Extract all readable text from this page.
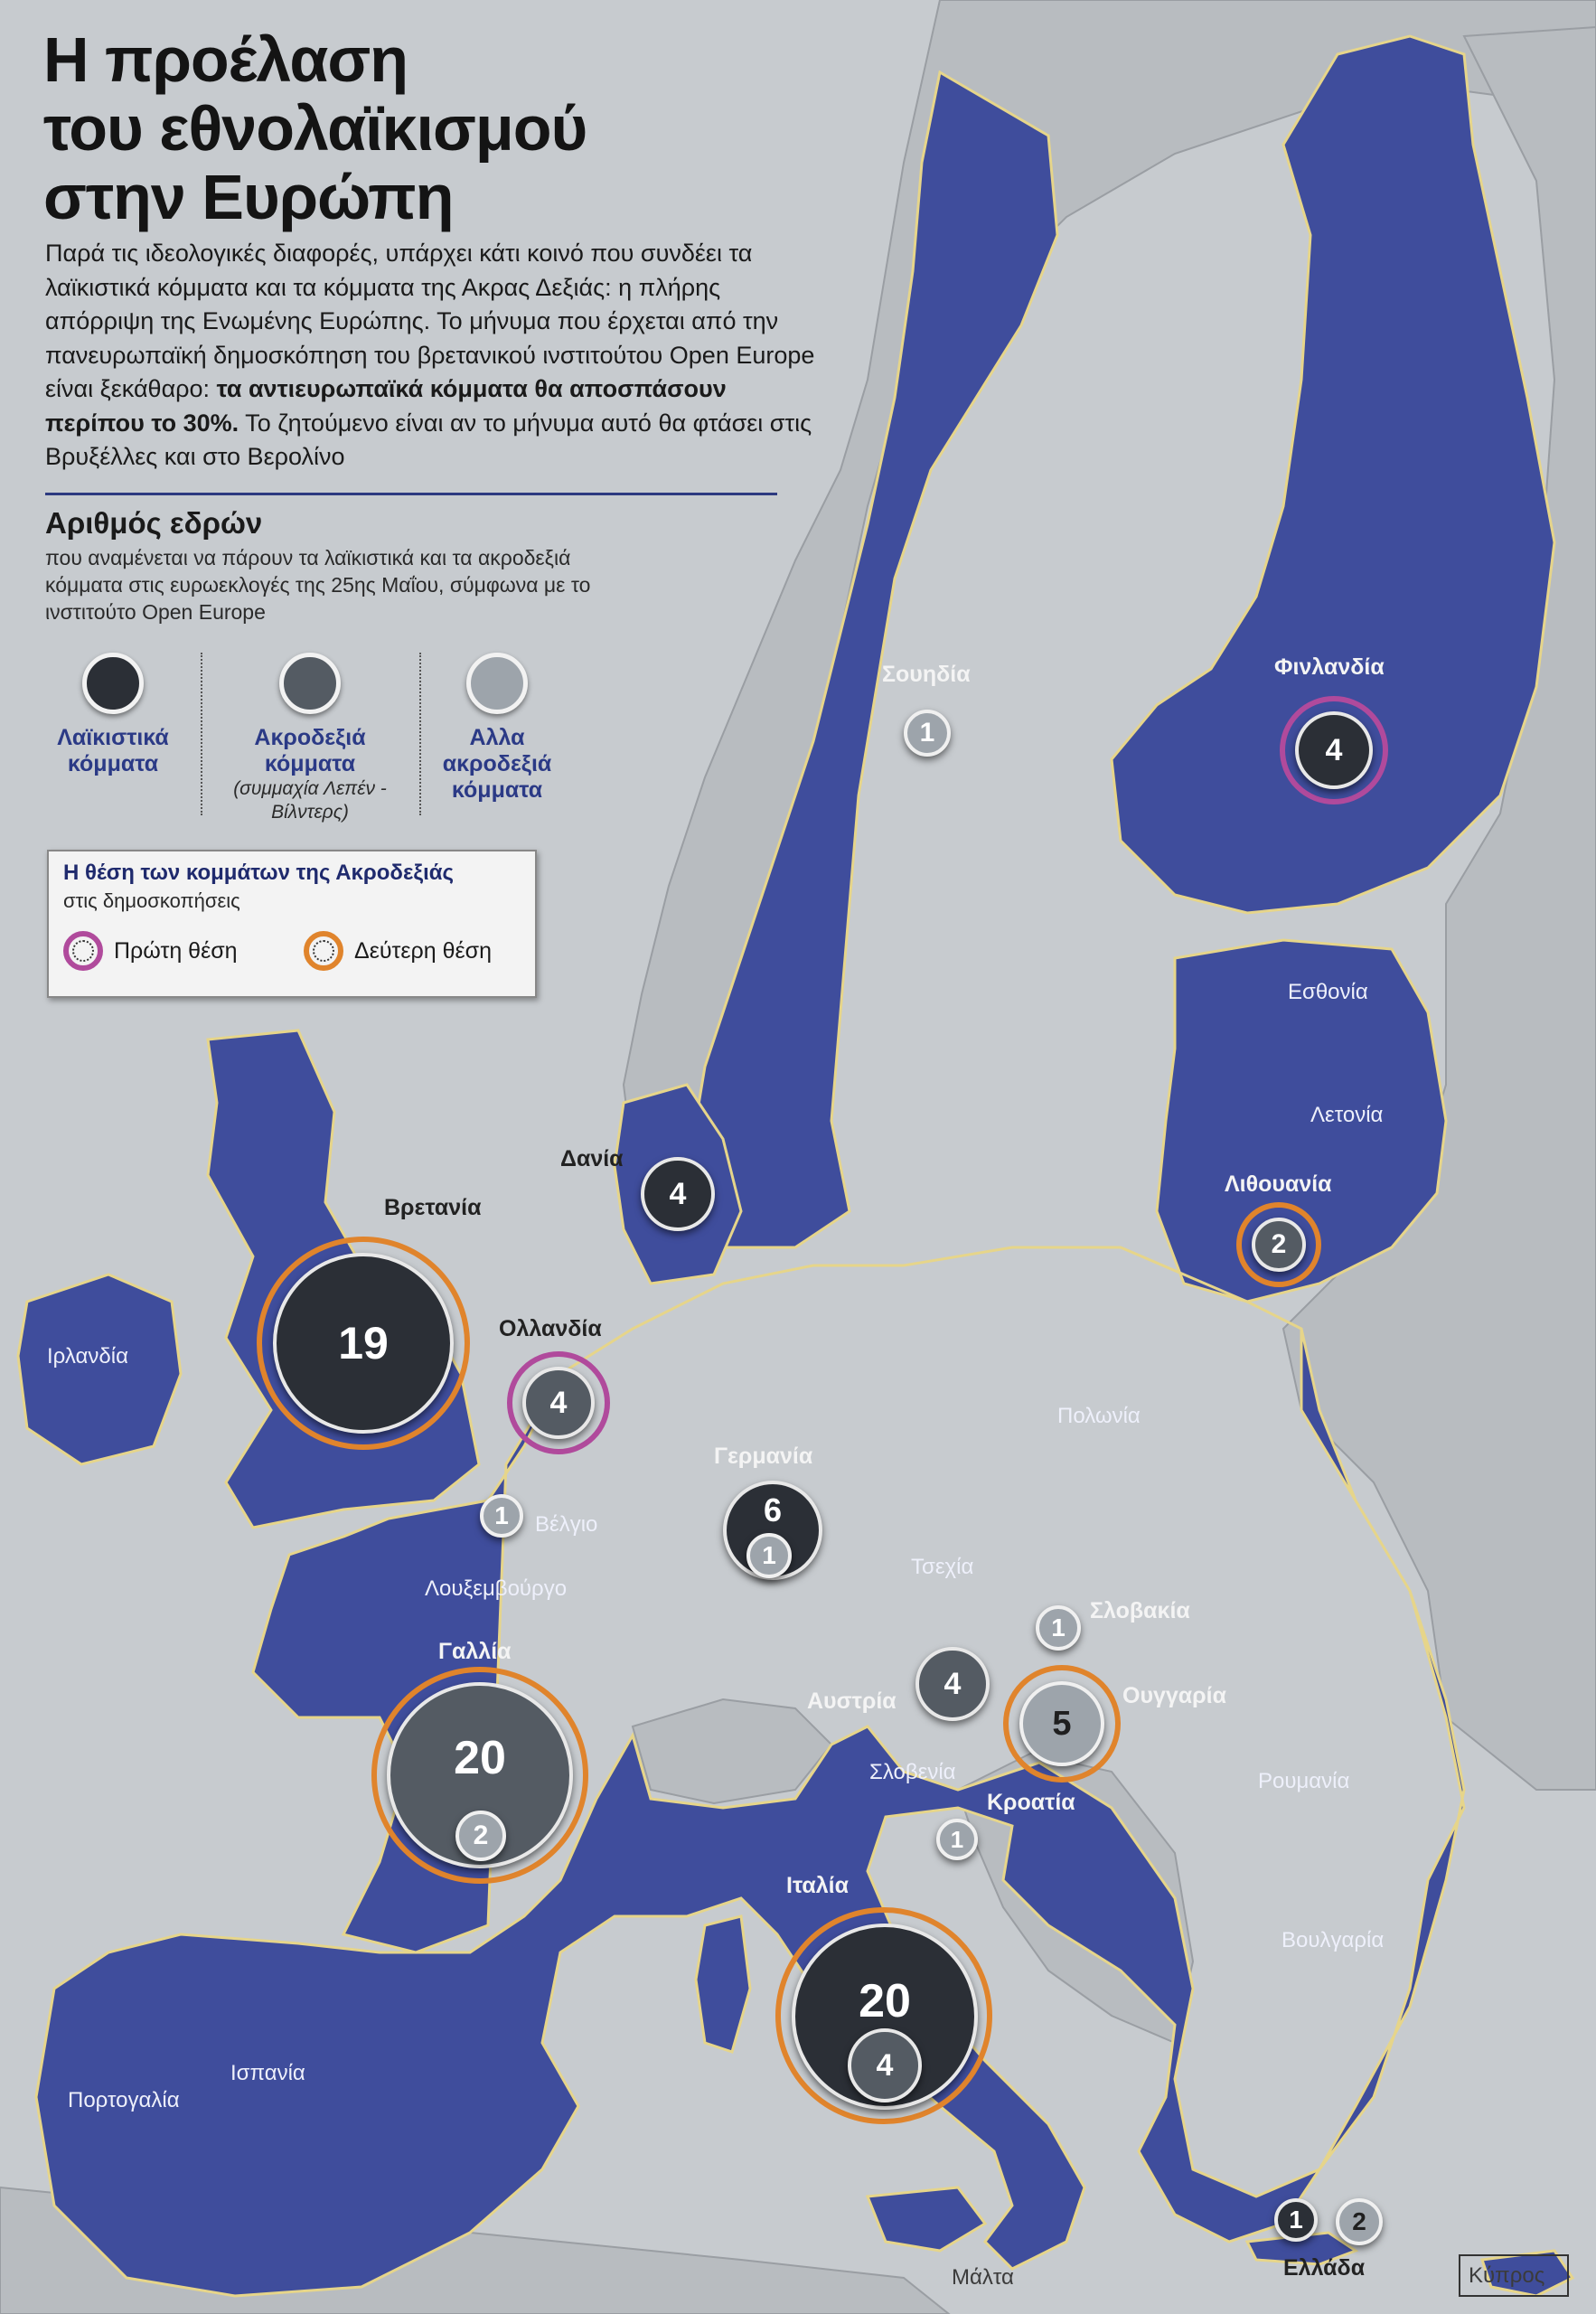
Η προέλαση
του εθνολαϊκισμού
στην Ευρώπη
Παρά τις ιδεολογικές διαφορές, υπάρχει κάτι κοινό που συνδέει τα λαϊκιστικά κόμματα και τα κόμματα της Ακρας Δεξιάς: η πλήρης απόρριψη της Ενωμένης Ευρώπης. Το μήνυμα που έρχεται από την πανευρωπαϊκή δημοσκόπηση του βρετανικού ινστιτούτου Open Europe είναι ξεκάθαρο: τα αντιευρωπαϊκά κόμματα θα αποσπάσουν περίπου το 30%. Το ζητούμενο είναι αν το μήνυμα αυτό θα φτάσει στις Βρυξέλλες και στο Βερολίνο
Αριθμός εδρών
που αναμένεται να πάρουν τα λαϊκιστικά και τα ακροδεξιά κόμματα στις ευρωεκλογές της 25ης Μαΐου, σύμφωνα με το ινστιτούτο Open Europe
Λαϊκιστικά κόμματα
Ακροδεξιά κόμματα
(συμμαχία Λεπέν - Βίλντερς)
Αλλα ακροδεξιά κόμματα
Η θέση των κομμάτων της Ακροδεξιάς
στις δημοσκοπήσεις
Πρώτη θέση	Δεύτερη θέση
Σουηδία	Φινλανδία
Εσθονία
Λετονία
Λιθουανία
Δανία
Βρετανία
Ιρλανδία
Ολλανδία
Βέλγιο
Λουξεμβούργο
Γερμανία
Πολωνία
Τσεχία
Σλοβακία
Αυστρία	Ουγγαρία
Σλοβενία
Κροατία
Ρουμανία
Βουλγαρία
Γαλλία
Ιταλία
Ισπανία
Πορτογαλία
Μάλτα	Ελλάδα	Κύπρος
1	4
2
4
19
4
1	6
1
1
4
5
1
20
2
20
4
1	2
